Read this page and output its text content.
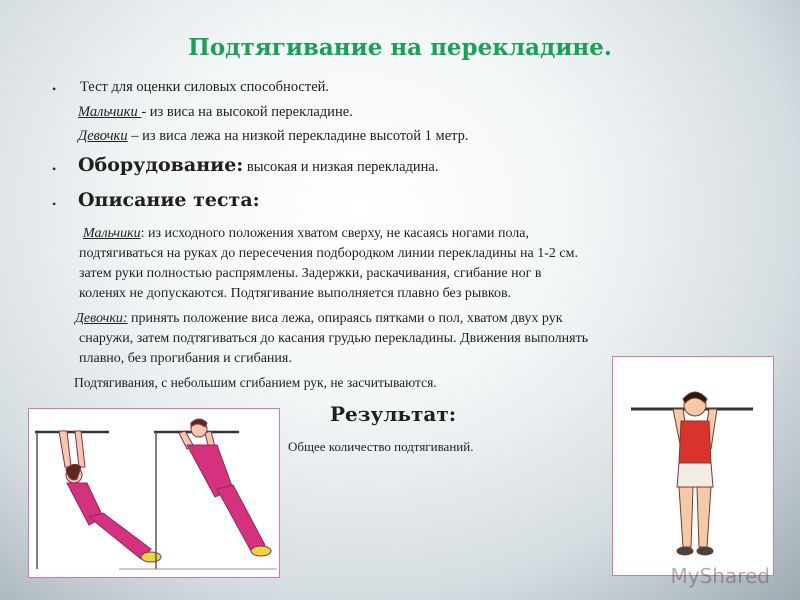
Подтягивание на перекладине.
• Тест для оценки силовых способностей.
Мальчики - из виса на высокой перекладине.
Девочки – из виса лежа на низкой перекладине высотой 1 метр.
• Оборудование: высокая и низкая перекладина.
• Описание теста:
Мальчики: из исходного положения хватом сверху, не касаясь ногами пола,
подтягиваться на руках до пересечения подбородком линии перекладины на 1-2 см.
затем руки полностью распрямлены. Задержки, раскачивания, сгибание ног в
коленях не допускаются. Подтягивание выполняется плавно без рывков.
Девочки: принять положение виса лежа, опираясь пятками о пол, хватом двух рук
снаружи, затем подтягиваться до касания грудью перекладины. Движения выполнять
плавно, без прогибания и сгибания.
Подтягивания, с небольшим сгибанием рук, не засчитываются.
Результат:
Общее количество подтягиваний.
MyShared
